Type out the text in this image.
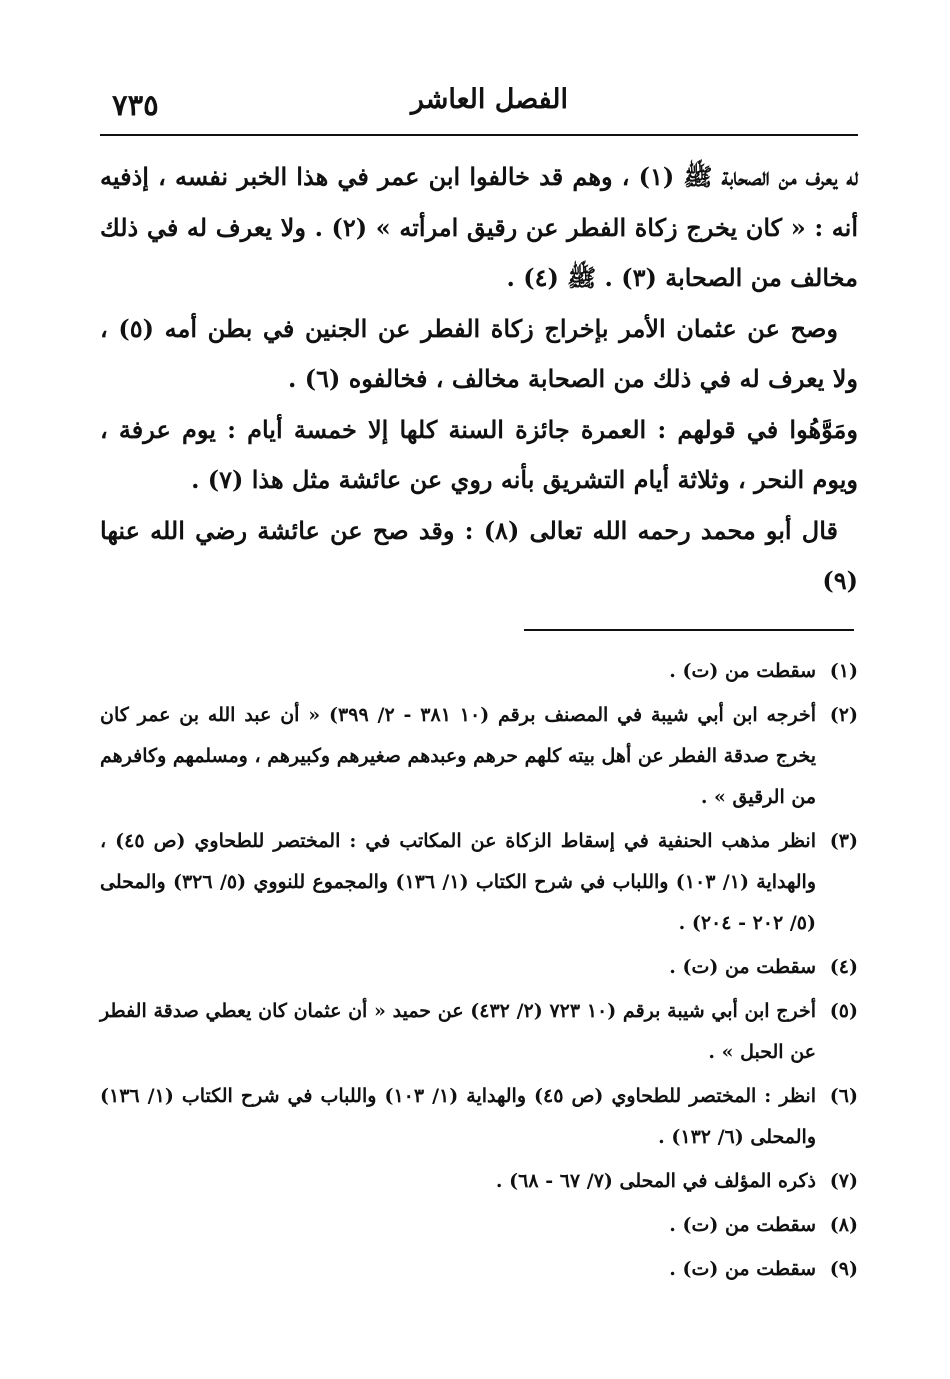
الفصل العاشر
٧٣٥

له يعرف من الصحابة ﷺ (١) ، وهم قد خالفوا ابن عمر في هذا الخبر نفسه ، إذفيه أنه : « كان يخرج زكاة الفطر عن رقيق امرأته » (٢) . ولا يعرف له في ذلك مخالف من الصحابة (٣) . ﷺ (٤) .

وصح عن عثمان الأمر بإخراج زكاة الفطر عن الجنين في بطن أمه (٥) ، ولا يعرف له في ذلك من الصحابة مخالف ، فخالفوه (٦) .

ومَوَّهُوا في قولهم : العمرة جائزة السنة كلها إلا خمسة أيام : يوم عرفة ، ويوم النحر ، وثلاثة أيام التشريق بأنه روي عن عائشة مثل هذا (٧) .

قال أبو محمد رحمه الله تعالى (٨) : وقد صح عن عائشة رضي الله عنها (٩)

(١)
سقطت من (ت) .
(٢)
أخرجه ابن أبي شيبة في المصنف برقم (١٠ ٣٨١ - ٢/ ٣٩٩) « أن عبد الله بن عمر كان يخرج صدقة الفطر عن أهل بيته كلهم حرهم وعبدهم صغيرهم وكبيرهم ، ومسلمهم وكافرهم من الرقيق » .
(٣)
انظر مذهب الحنفية في إسقاط الزكاة عن المكاتب في : المختصر للطحاوي (ص ٤٥) ، والهداية (١/ ١٠٣) واللباب في شرح الكتاب (١/ ١٣٦) والمجموع للنووي (٥/ ٣٢٦) والمحلى (٥/ ٢٠٢ - ٢٠٤) .
(٤)
سقطت من (ت) .
(٥)
أخرج ابن أبي شيبة برقم (١٠ ٧٢٣ (٢/ ٤٣٢) عن حميد « أن عثمان كان يعطي صدقة الفطر عن الحبل » .
(٦)
انظر : المختصر للطحاوي (ص ٤٥) والهداية (١/ ١٠٣) واللباب في شرح الكتاب (١/ ١٣٦) والمحلى (٦/ ١٣٢) .
(٧)
ذكره المؤلف في المحلى (٧/ ٦٧ - ٦٨) .
(٨)
سقطت من (ت) .
(٩)
سقطت من (ت) .
